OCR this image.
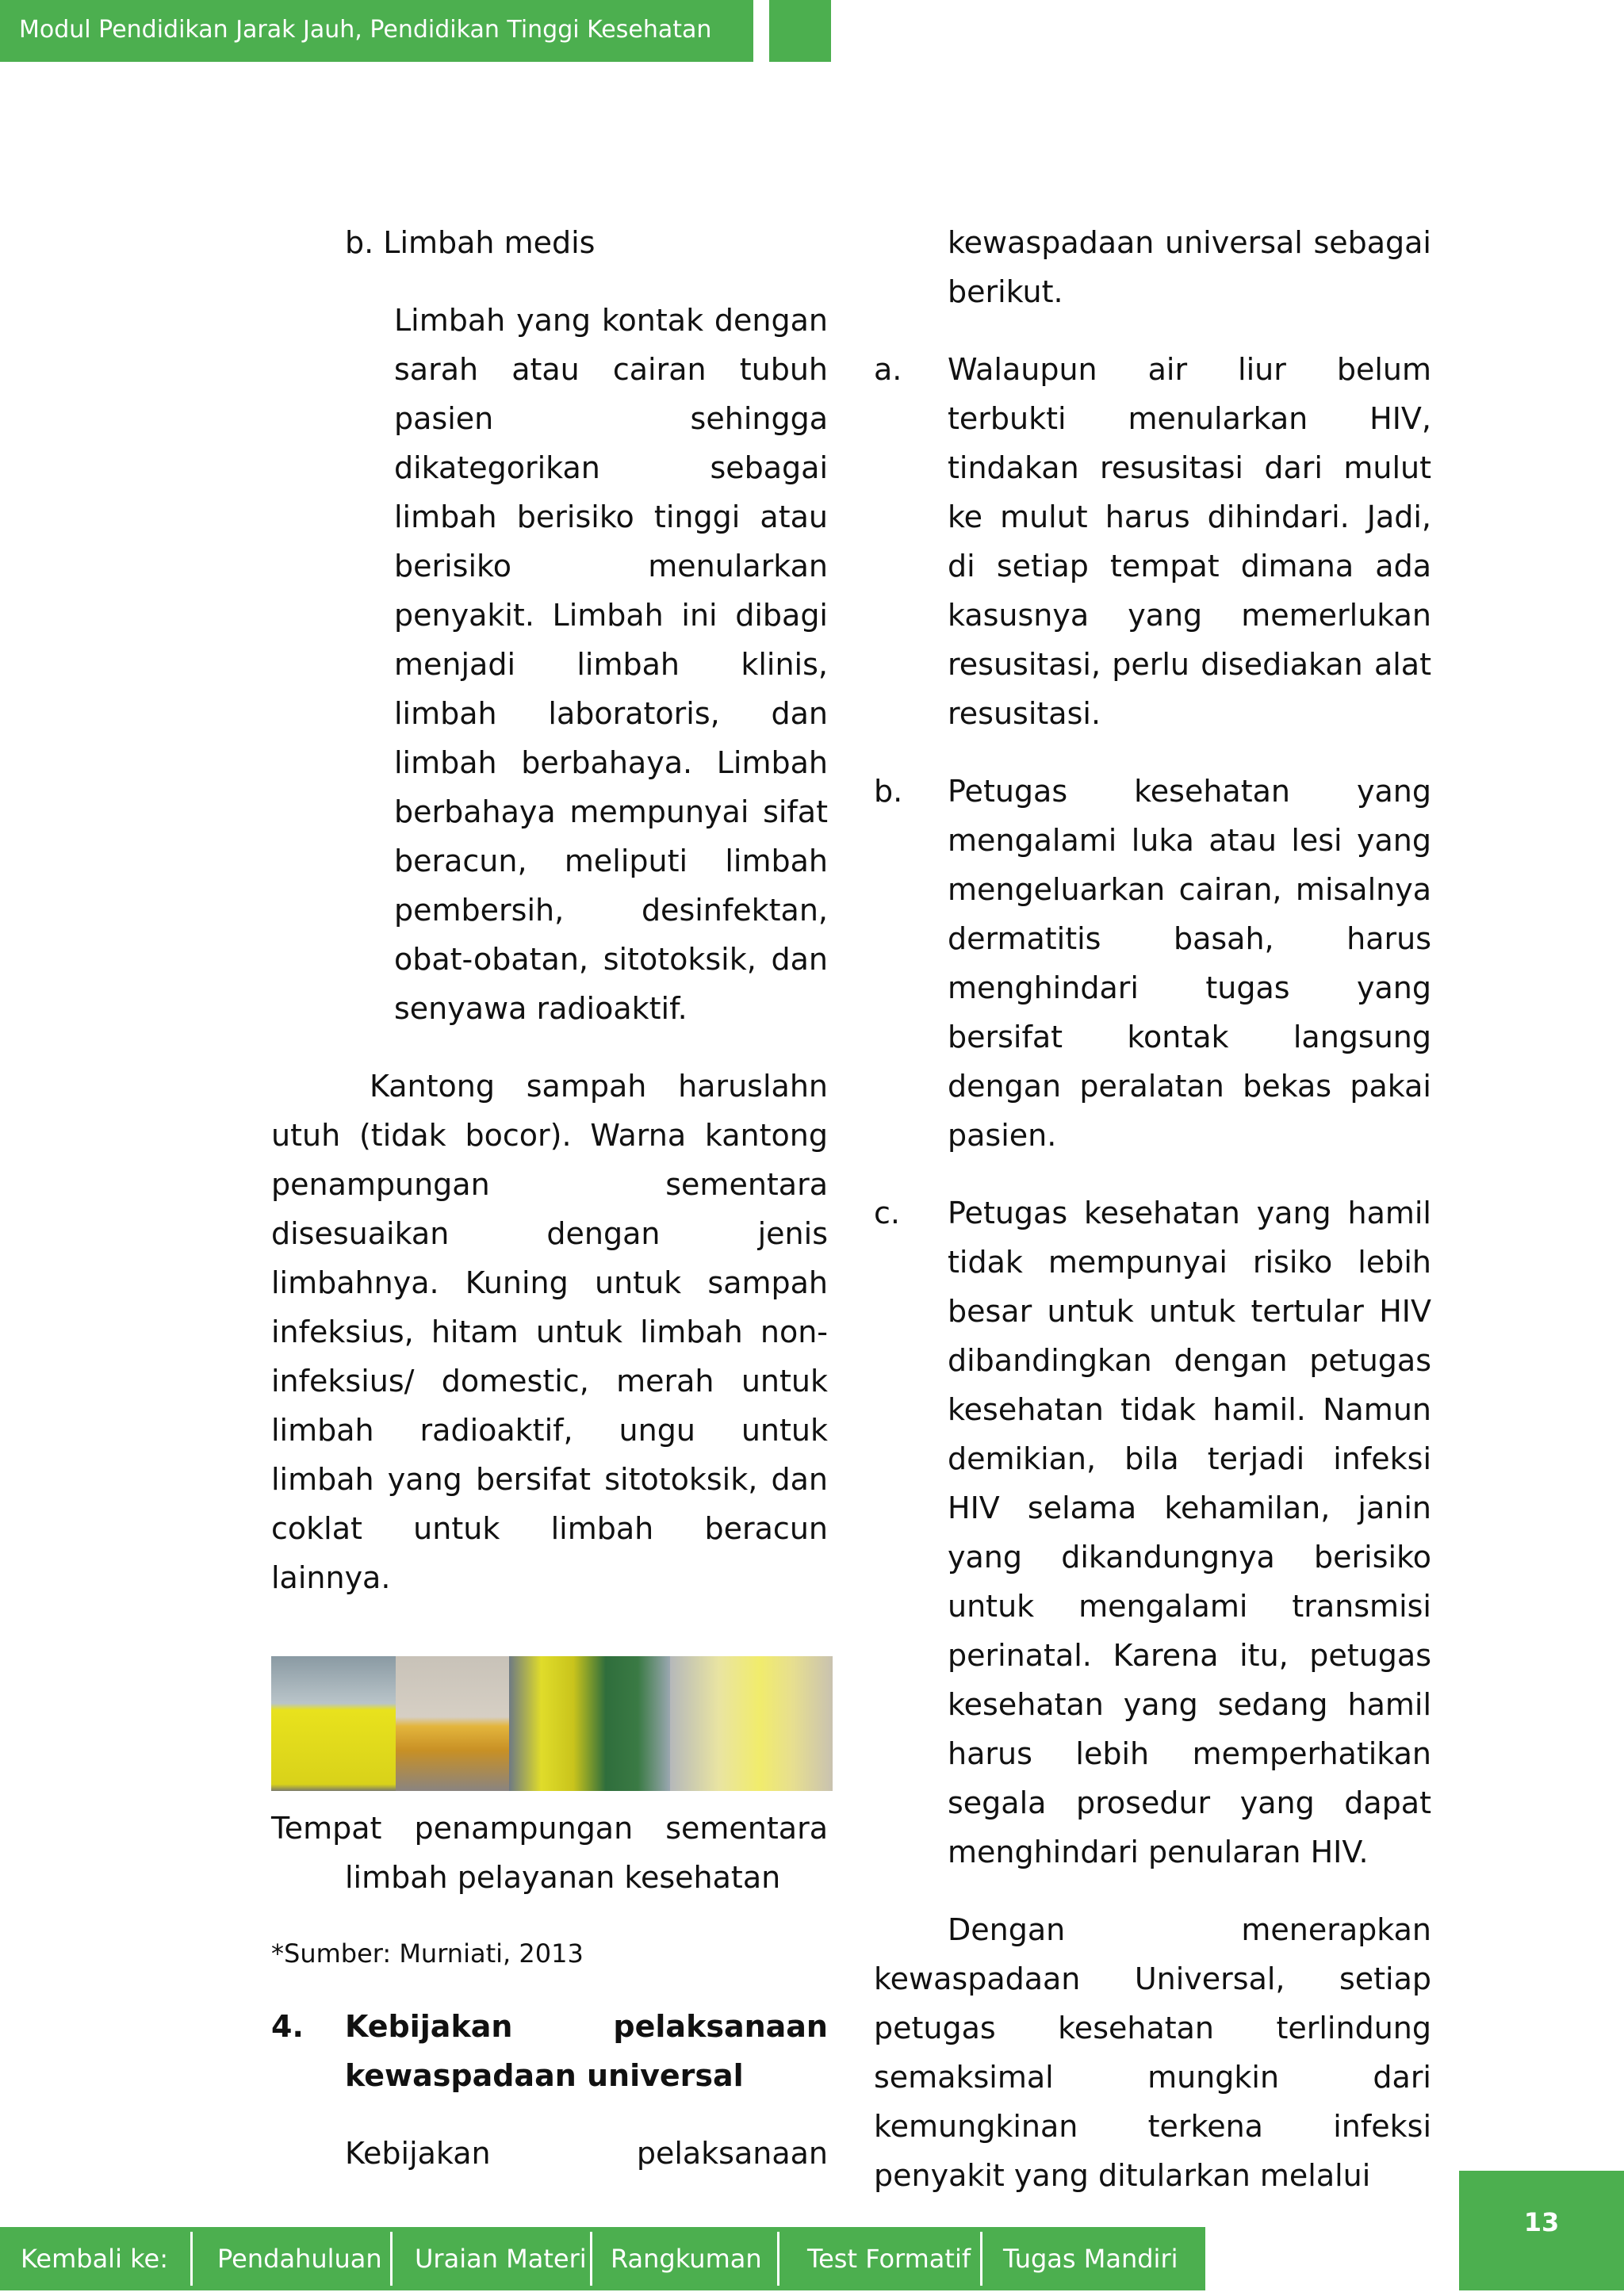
Modul Pendidikan Jarak Jauh, Pendidikan Tinggi Kesehatan
b. Limbah medis
Limbah yang kontak dengan sarah atau cairan tubuh pasien sehingga dikategorikan sebagai limbah berisiko tinggi atau berisiko menularkan penyakit. Limbah ini dibagi menjadi limbah klinis, limbah laboratoris, dan limbah berbahaya. Limbah berbahaya mempunyai sifat beracun, meliputi limbah pembersih, desinfektan, obat-obatan, sitotoksik, dan senyawa radioaktif.
Kantong sampah haruslahn utuh (tidak bocor). Warna kantong penampungan sementara disesuaikan dengan jenis limbahnya. Kuning untuk sampah infeksius, hitam untuk limbah non-infeksius/ domestic, merah untuk limbah radioaktif, ungu untuk limbah yang bersifat sitotoksik, dan coklat untuk limbah beracun lainnya.
Tempat penampungan sementara
limbah pelayanan kesehatan
*Sumber: Murniati, 2013
4. Kebijakan pelaksanaan kewaspadaan universal
Kebijakan pelaksanaan
kewaspadaan universal sebagai berikut.
a. Walaupun air liur belum terbukti menularkan HIV, tindakan resusitasi dari mulut ke mulut harus dihindari. Jadi, di setiap tempat dimana ada kasusnya yang memerlukan resusitasi, perlu disediakan alat resusitasi.
b. Petugas kesehatan yang mengalami luka atau lesi yang mengeluarkan cairan, misalnya dermatitis basah, harus menghindari tugas yang bersifat kontak langsung dengan peralatan bekas pakai pasien.
c. Petugas kesehatan yang hamil tidak mempunyai risiko lebih besar untuk untuk tertular HIV dibandingkan dengan petugas kesehatan tidak hamil. Namun demikian, bila terjadi infeksi HIV selama kehamilan, janin yang dikandungnya berisiko untuk mengalami transmisi perinatal. Karena itu, petugas kesehatan yang sedang hamil harus lebih memperhatikan segala prosedur yang dapat menghindari penularan HIV.
Dengan menerapkan kewaspadaan Universal, setiap petugas kesehatan terlindung semaksimal mungkin dari kemungkinan terkena infeksi penyakit yang ditularkan melalui
Kembali ke: Pendahuluan Uraian Materi Rangkuman Test Formatif Tugas Mandiri
13
